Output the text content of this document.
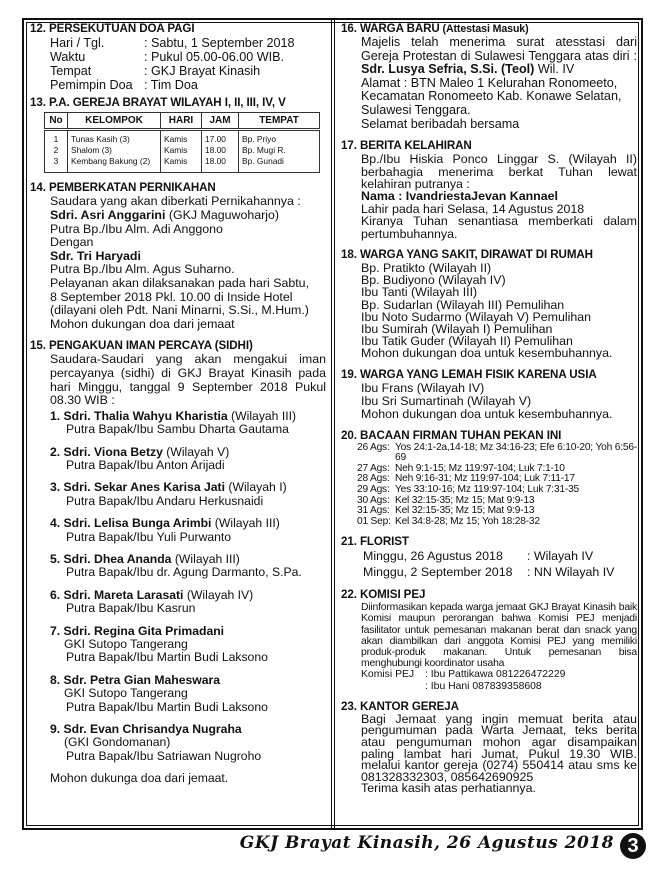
12. PERSEKUTUAN DOA PAGI
Hari / Tgl.	: Sabtu, 1 September 2018
Waktu	: Pukul 05.00-06.00 WIB.
Tempat	: GKJ Brayat Kinasih
Pemimpin Doa : Tim Doa
13. P.A. GEREJA BRAYAT WILAYAH I, II, III, IV, V
No	KELOMPOK	HARI	JAM	TEMPAT
1	Tunas Kasih (3)	Kamis	17.00	Bp. Priyo
2	Shalom (3)	Kamis	18.00	Bp. Mugi R.
3	Kembang Bakung (2)	Kamis	18.00	Bp. Gunadi
14. PEMBERKATAN PERNIKAHAN
Saudara yang akan diberkati Pernikahannya :
Sdri. Asri Anggarini (GKJ Maguwoharjo)
Putra Bp./Ibu Alm. Adi Anggono
Dengan
Sdr. Tri Haryadi
Putra Bp./Ibu Alm. Agus Suharno.
Pelayanan akan dilaksanakan pada hari Sabtu,
8 September 2018 Pkl. 10.00 di Inside Hotel
(dilayani oleh Pdt. Nani Minarni, S.Si., M.Hum.)
Mohon dukungan doa dari jemaat
15. PENGAKUAN IMAN PERCAYA (SIDHI)
Saudara-Saudari yang akan mengakui iman percayanya (sidhi) di GKJ Brayat Kinasih pada hari Minggu, tanggal 9 September 2018 Pukul 08.30 WIB :
1. Sdri. Thalia Wahyu Kharistia (Wilayah III)
Putra Bapak/Ibu Sambu Dharta Gautama
2. Sdri. Viona Betzy (Wilayah V)
Putra Bapak/Ibu Anton Arijadi
3. Sdri. Sekar Anes Karisa Jati (Wilayah I)
Putra Bapak/Ibu Andaru Herkusnaidi
4. Sdri. Lelisa Bunga Arimbi (Wilayah III)
Putra Bapak/Ibu Yuli Purwanto
5. Sdri. Dhea Ananda (Wilayah III)
Putra Bapak/Ibu dr. Agung Darmanto, S.Pa.
6. Sdri. Mareta Larasati (Wilayah IV)
Putra Bapak/Ibu Kasrun
7. Sdri. Regina Gita Primadani
GKI Sutopo Tangerang
Putra Bapak/Ibu Martin Budi Laksono
8. Sdr. Petra Gian Maheswara
GKI Sutopo Tangerang
Putra Bapak/Ibu Martin Budi Laksono
9. Sdr. Evan Chrisandya Nugraha
(GKI Gondomanan)
Putra Bapak/Ibu Satriawan Nugroho
Mohon dukunga doa dari jemaat.
16. WARGA BARU (Attestasi Masuk)
Majelis telah menerima surat atesstasi dari Gereja Protestan di Sulawesi Tenggara atas diri : Sdr. Lusya Sefria, S.Si. (Teol) Wil. IV
Alamat : BTN Maleo 1 Kelurahan Ronomeeto, Kecamatan Ronomeeto Kab. Konawe Selatan, Sulawesi Tenggara.
Selamat beribadah bersama
17. BERITA KELAHIRAN
Bp./Ibu Hiskia Ponco Linggar S. (Wilayah II) berbahagia menerima berkat Tuhan lewat kelahiran putranya :
Nama : IvandriestaJevan Kannael
Lahir pada hari Selasa, 14 Agustus 2018
Kiranya Tuhan senantiasa memberkati dalam pertumbuhannya.
18. WARGA YANG SAKIT, DIRAWAT DI RUMAH
Bp. Pratikto (Wilayah II)
Bp. Budiyono (Wilayah IV)
Ibu Tanti (Wilayah III)
Bp. Sudarlan (Wilayah III) Pemulihan
Ibu Noto Sudarmo (Wilayah V) Pemulihan
Ibu Sumirah (Wilayah I) Pemulihan
Ibu Tatik Guder (Wilayah II) Pemulihan
Mohon dukungan doa untuk kesembuhannya.
19. WARGA YANG LEMAH FISIK KARENA USIA
Ibu Frans (Wilayah IV)
Ibu Sri Sumartinah (Wilayah V)
Mohon dukungan doa untuk kesembuhannya.
20. BACAAN FIRMAN TUHAN PEKAN INI
26 Ags: Yos 24:1-2a,14-18; Mz 34:16-23; Efe 6:10-20; Yoh 6:56-69
27 Ags: Neh 9:1-15; Mz 119:97-104; Luk 7:1-10
28 Ags: Neh 9:16-31; Mz 119:97-104; Luk 7:11-17
29 Ags: Yes 33:10-16; Mz 119:97-104; Luk 7:31-35
30 Ags: Kel 32:15-35; Mz 15; Mat 9:9-13
31 Ags: Kel 32:15-35; Mz 15; Mat 9:9-13
01 Sep: Kel 34:8-28; Mz 15; Yoh 18:28-32
21. FLORIST
Minggu, 26 Agustus 2018	: Wilayah IV
Minggu, 2 September 2018	: NN Wilayah IV
22. KOMISI PEJ
Diinformasikan kepada warga jemaat GKJ Brayat Kinasih baik Komisi maupun perorangan bahwa Komisi PEJ menjadi fasilitator untuk pemesanan makanan berat dan snack yang akan diambilkan dari anggota Komisi PEJ yang memiliki produk-produk makanan. Untuk pemesanan bisa menghubungi koordinator usaha
Komisi PEJ	: Ibu Pattikawa 081226472229
: Ibu Hani 087839358608
23. KANTOR GEREJA
Bagi Jemaat yang ingin memuat berita atau pengumuman pada Warta Jemaat, teks berita atau pengumuman mohon agar disampaikan paling lambat hari Jumat, Pukul 19.30 WIB. melalui kantor gereja (0274) 550414 atau sms ke 081328332303, 085642690925
Terima kasih atas perhatiannya.
GKJ Brayat Kinasih, 26 Agustus 2018 3
